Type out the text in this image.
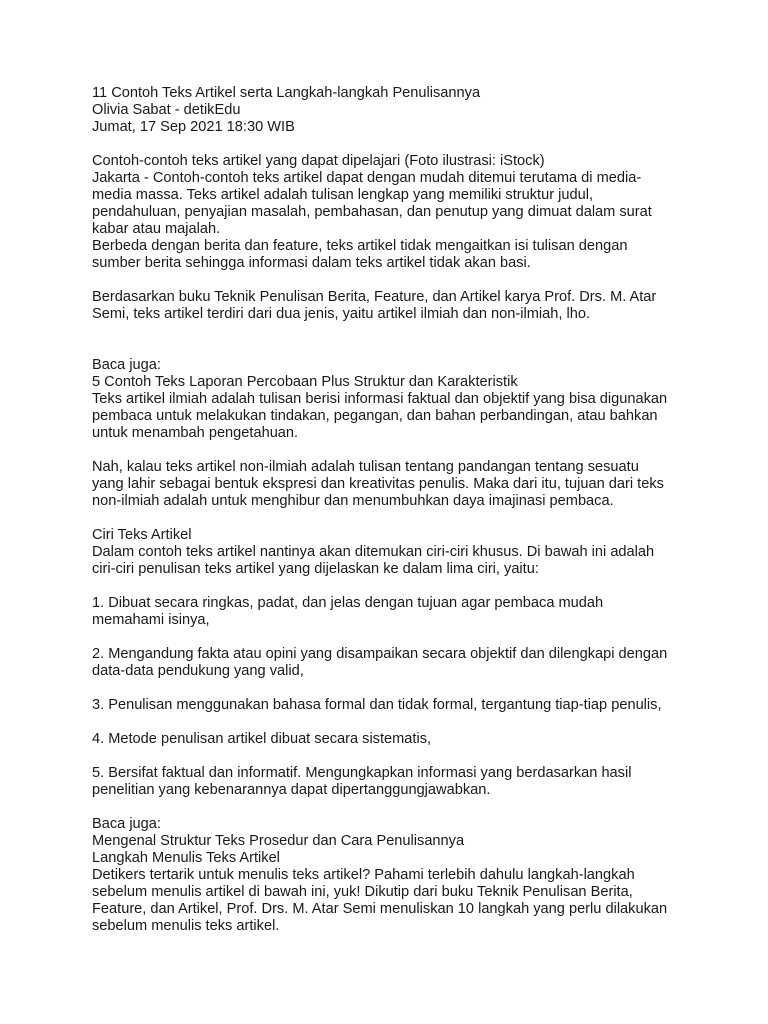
11 Contoh Teks Artikel serta Langkah-langkah Penulisannya

Olivia Sabat - detikEdu

Jumat, 17 Sep 2021 18:30 WIB

Contoh-contoh teks artikel yang dapat dipelajari (Foto ilustrasi: iStock)

Jakarta - Contoh-contoh teks artikel dapat dengan mudah ditemui terutama di media-media massa. Teks artikel adalah tulisan lengkap yang memiliki struktur judul, pendahuluan, penyajian masalah, pembahasan, dan penutup yang dimuat dalam surat kabar atau majalah.

Berbeda dengan berita dan feature, teks artikel tidak mengaitkan isi tulisan dengan sumber berita sehingga informasi dalam teks artikel tidak akan basi.

Berdasarkan buku Teknik Penulisan Berita, Feature, dan Artikel karya Prof. Drs. M. Atar Semi, teks artikel terdiri dari dua jenis, yaitu artikel ilmiah dan non-ilmiah, lho.

Baca juga:

5 Contoh Teks Laporan Percobaan Plus Struktur dan Karakteristik

Teks artikel ilmiah adalah tulisan berisi informasi faktual dan objektif yang bisa digunakan pembaca untuk melakukan tindakan, pegangan, dan bahan perbandingan, atau bahkan untuk menambah pengetahuan.

Nah, kalau teks artikel non-ilmiah adalah tulisan tentang pandangan tentang sesuatu yang lahir sebagai bentuk ekspresi dan kreativitas penulis. Maka dari itu, tujuan dari teks non-ilmiah adalah untuk menghibur dan menumbuhkan daya imajinasi pembaca.

Ciri Teks Artikel

Dalam contoh teks artikel nantinya akan ditemukan ciri-ciri khusus. Di bawah ini adalah ciri-ciri penulisan teks artikel yang dijelaskan ke dalam lima ciri, yaitu:

1. Dibuat secara ringkas, padat, dan jelas dengan tujuan agar pembaca mudah memahami isinya,

2. Mengandung fakta atau opini yang disampaikan secara objektif dan dilengkapi dengan data-data pendukung yang valid,

3. Penulisan menggunakan bahasa formal dan tidak formal, tergantung tiap-tiap penulis,

4. Metode penulisan artikel dibuat secara sistematis,

5. Bersifat faktual dan informatif. Mengungkapkan informasi yang berdasarkan hasil penelitian yang kebenarannya dapat dipertanggungjawabkan.

Baca juga:

Mengenal Struktur Teks Prosedur dan Cara Penulisannya

Langkah Menulis Teks Artikel

Detikers tertarik untuk menulis teks artikel? Pahami terlebih dahulu langkah-langkah sebelum menulis artikel di bawah ini, yuk! Dikutip dari buku Teknik Penulisan Berita, Feature, dan Artikel, Prof. Drs. M. Atar Semi menuliskan 10 langkah yang perlu dilakukan sebelum menulis teks artikel.
